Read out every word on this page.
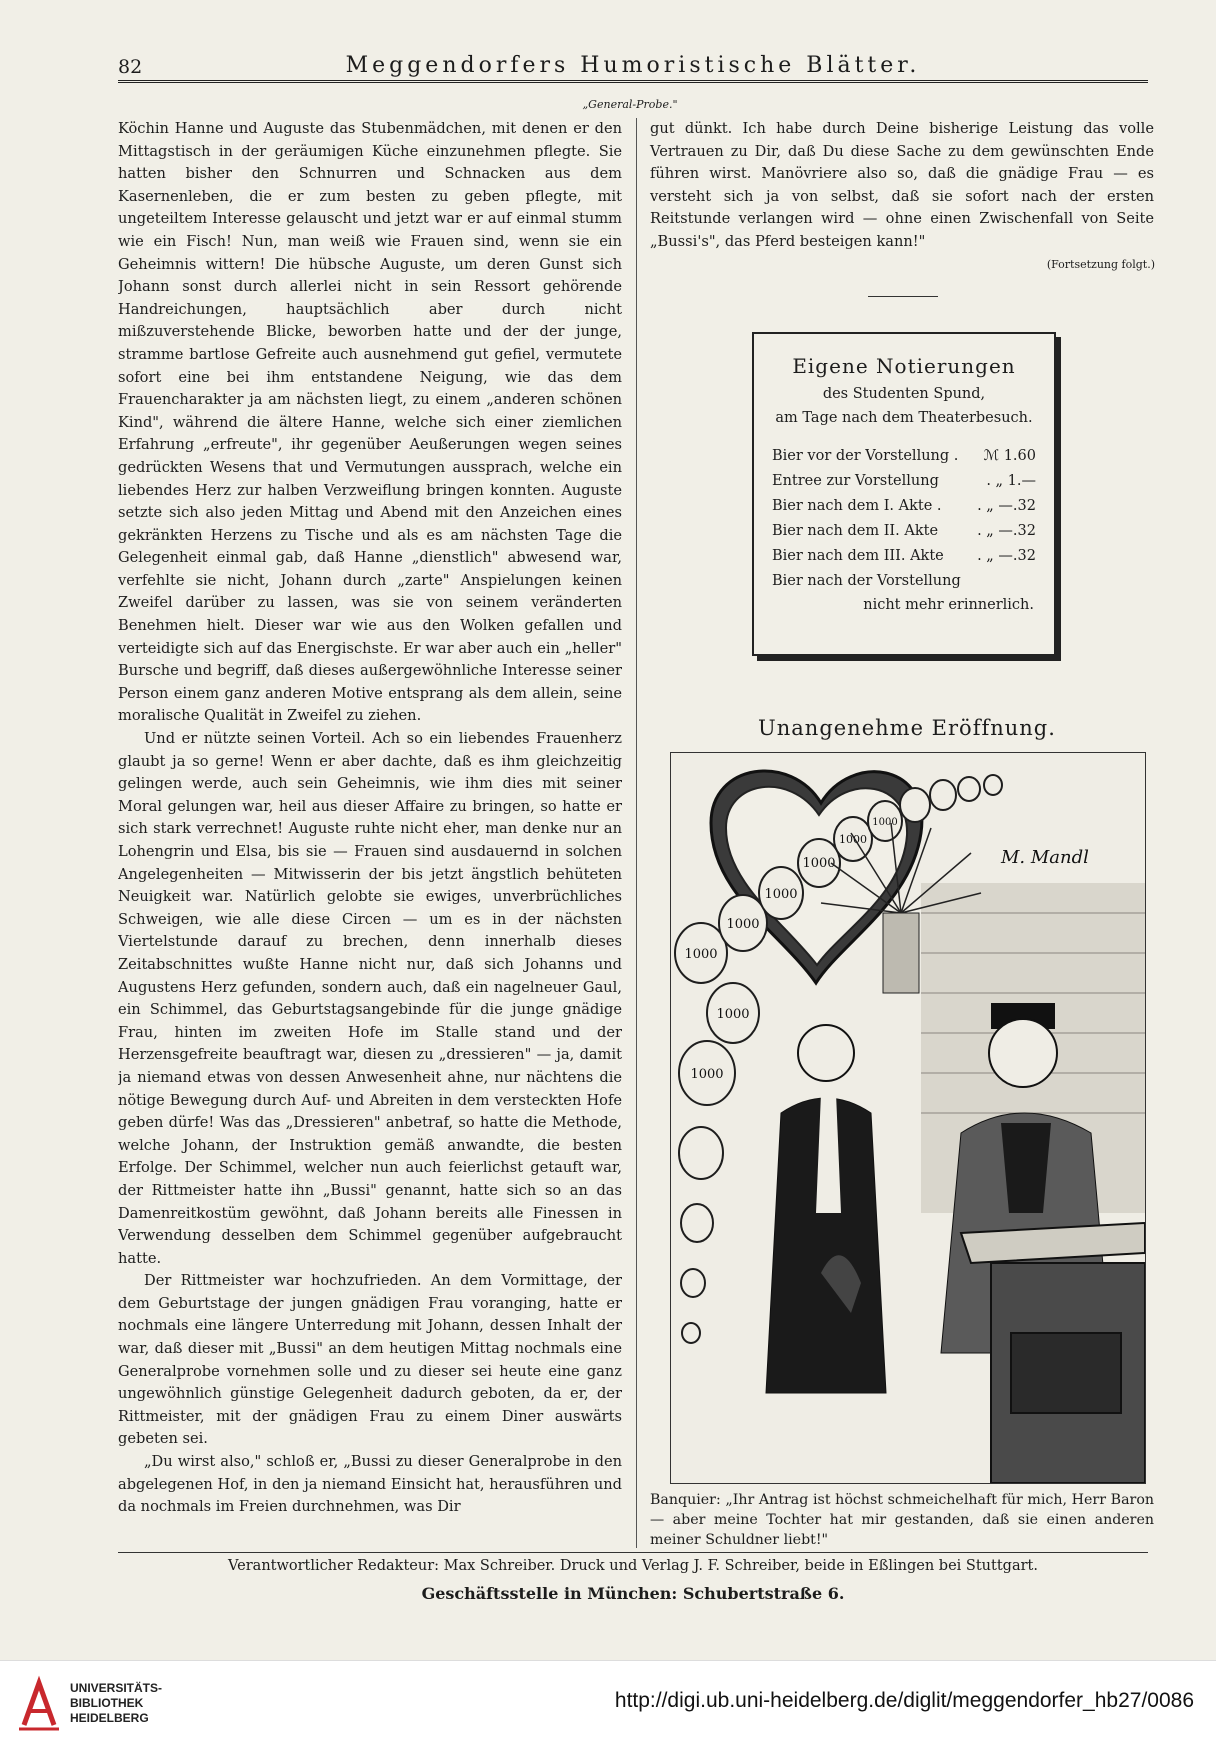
82	Meggendorfers Humoristische Blätter.
„General-Probe."

Köchin Hanne und Auguste das Stubenmädchen, mit denen er den Mittagstisch in der geräumigen Küche einzunehmen pflegte. Sie hatten bisher den Schnurren und Schnacken aus dem Kasernenleben, die er zum besten zu geben pflegte, mit ungeteiltem Interesse gelauscht und jetzt war er auf einmal stumm wie ein Fisch! Nun, man weiß wie Frauen sind, wenn sie ein Geheimnis wittern! Die hübsche Auguste, um deren Gunst sich Johann sonst durch allerlei nicht in sein Ressort gehörende Handreichungen, hauptsächlich aber durch nicht mißzuverstehende Blicke, beworben hatte und der der junge, stramme bartlose Gefreite auch ausnehmend gut gefiel, vermutete sofort eine bei ihm entstandene Neigung, wie das dem Frauencharakter ja am nächsten liegt, zu einem „anderen schönen Kind", während die ältere Hanne, welche sich einer ziemlichen Erfahrung „erfreute", ihr gegenüber Aeußerungen wegen seines gedrückten Wesens that und Vermutungen aussprach, welche ein liebendes Herz zur halben Verzweiflung bringen konnten. Auguste setzte sich also jeden Mittag und Abend mit den Anzeichen eines gekränkten Herzens zu Tische und als es am nächsten Tage die Gelegenheit einmal gab, daß Hanne „dienstlich" abwesend war, verfehlte sie nicht, Johann durch „zarte" Anspielungen keinen Zweifel darüber zu lassen, was sie von seinem veränderten Benehmen hielt. Dieser war wie aus den Wolken gefallen und verteidigte sich auf das Energischste. Er war aber auch ein „heller" Bursche und begriff, daß dieses außergewöhnliche Interesse seiner Person einem ganz anderen Motive entsprang als dem allein, seine moralische Qualität in Zweifel zu ziehen.

Und er nützte seinen Vorteil. Ach so ein liebendes Frauenherz glaubt ja so gerne! Wenn er aber dachte, daß es ihm gleichzeitig gelingen werde, auch sein Geheimnis, wie ihm dies mit seiner Moral gelungen war, heil aus dieser Affaire zu bringen, so hatte er sich stark verrechnet! Auguste ruhte nicht eher, man denke nur an Lohengrin und Elsa, bis sie — Frauen sind ausdauernd in solchen Angelegenheiten — Mitwisserin der bis jetzt ängstlich behüteten Neuigkeit war. Natürlich gelobte sie ewiges, unverbrüchliches Schweigen, wie alle diese Circen — um es in der nächsten Viertelstunde darauf zu brechen, denn innerhalb dieses Zeitabschnittes wußte Hanne nicht nur, daß sich Johanns und Augustens Herz gefunden, sondern auch, daß ein nagelneuer Gaul, ein Schimmel, das Geburtstagsangebinde für die junge gnädige Frau, hinten im zweiten Hofe im Stalle stand und der Herzensgefreite beauftragt war, diesen zu „dressieren" — ja, damit ja niemand etwas von dessen Anwesenheit ahne, nur nächtens die nötige Bewegung durch Auf- und Abreiten in dem versteckten Hofe geben dürfe! Was das „Dressieren" anbetraf, so hatte die Methode, welche Johann, der Instruktion gemäß anwandte, die besten Erfolge. Der Schimmel, welcher nun auch feierlichst getauft war, der Rittmeister hatte ihn „Bussi" genannt, hatte sich so an das Damenreitkostüm gewöhnt, daß Johann bereits alle Finessen in Verwendung desselben dem Schimmel gegenüber aufgebraucht hatte.

Der Rittmeister war hochzufrieden. An dem Vormittage, der dem Geburtstage der jungen gnädigen Frau voranging, hatte er nochmals eine längere Unterredung mit Johann, dessen Inhalt der war, daß dieser mit „Bussi" an dem heutigen Mittag nochmals eine Generalprobe vornehmen solle und zu dieser sei heute eine ganz ungewöhnlich günstige Gelegenheit dadurch geboten, da er, der Rittmeister, mit der gnädigen Frau zu einem Diner auswärts gebeten sei.

„Du wirst also," schloß er, „Bussi zu dieser Generalprobe in den abgelegenen Hof, in den ja niemand Einsicht hat, herausführen und da nochmals im Freien durchnehmen, was Dir

gut dünkt. Ich habe durch Deine bisherige Leistung das volle Vertrauen zu Dir, daß Du diese Sache zu dem gewünschten Ende führen wirst. Manövriere also so, daß die gnädige Frau — es versteht sich ja von selbst, daß sie sofort nach der ersten Reitstunde verlangen wird — ohne einen Zwischenfall von Seite „Bussi's", das Pferd besteigen kann!"
(Fortsetzung folgt.)
Eigene Notierungen
des Studenten Spund,
am Tage nach dem Theaterbesuch.
Bier vor der Vorstellung . ℳ 1.60
Entree zur Vorstellung	. „ 1.—
Bier nach dem I. Akte . . „ —.32
Bier nach dem II. Akte	. „ —.32
Bier nach dem III. Akte . „ —.32
Bier nach der Vorstellung
nicht mehr erinnerlich.
Unangenehme Eröffnung.
1000
1000
1000
1000
1000
1000
1000
1000
M. Mandl
Banquier: „Ihr Antrag ist höchst schmeichelhaft für mich, Herr Baron — aber meine Tochter hat mir gestanden, daß sie einen anderen meiner Schuldner liebt!"
Verantwortlicher Redakteur: Max Schreiber. Druck und Verlag J. F. Schreiber, beide in Eßlingen bei Stuttgart.
Geschäftsstelle in München: Schubertstraße 6.
UNIVERSITÄTS-
BIBLIOTHEK
HEIDELBERG
http://digi.ub.uni-heidelberg.de/diglit/meggendorfer_hb27/0086
